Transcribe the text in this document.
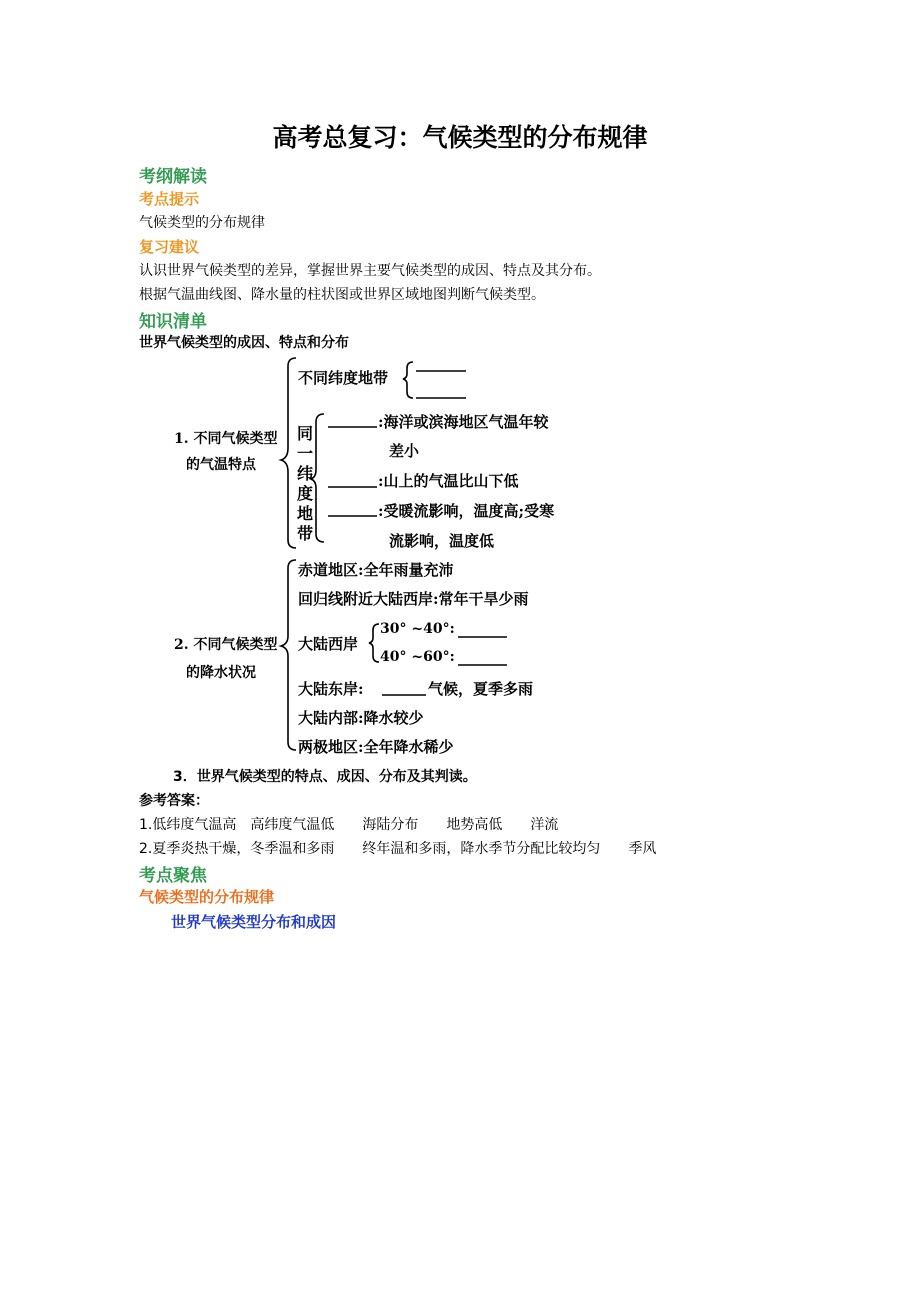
高考总复习：气候类型的分布规律
考纲解读
考点提示
气候类型的分布规律
复习建议
认识世界气候类型的差异，掌握世界主要气候类型的成因、特点及其分布。
根据气温曲线图、降水量的柱状图或世界区域地图判断气候类型。
知识清单
世界气候类型的成因、特点和分布
1. 不同气候类型
的气温特点
不同纬度地带
同一纬度地带
:海洋或滨海地区气温年较
差小
:山上的气温比山下低
:受暖流影响，温度高;受寒
流影响，温度低
2. 不同气候类型
的降水状况
赤道地区:全年雨量充沛
回归线附近大陆西岸:常年干旱少雨
大陆西岸
30° ~40°:
40° ~60°:
大陆东岸:	气候，夏季多雨
大陆内部:降水较少
两极地区:全年降水稀少
3．世界气候类型的特点、成因、分布及其判读。
参考答案：
1.低纬度气温高　高纬度气温低　　海陆分布　　地势高低　　洋流
2.夏季炎热干燥，冬季温和多雨　　终年温和多雨，降水季节分配比较均匀　　季风
考点聚焦
气候类型的分布规律
世界气候类型分布和成因
